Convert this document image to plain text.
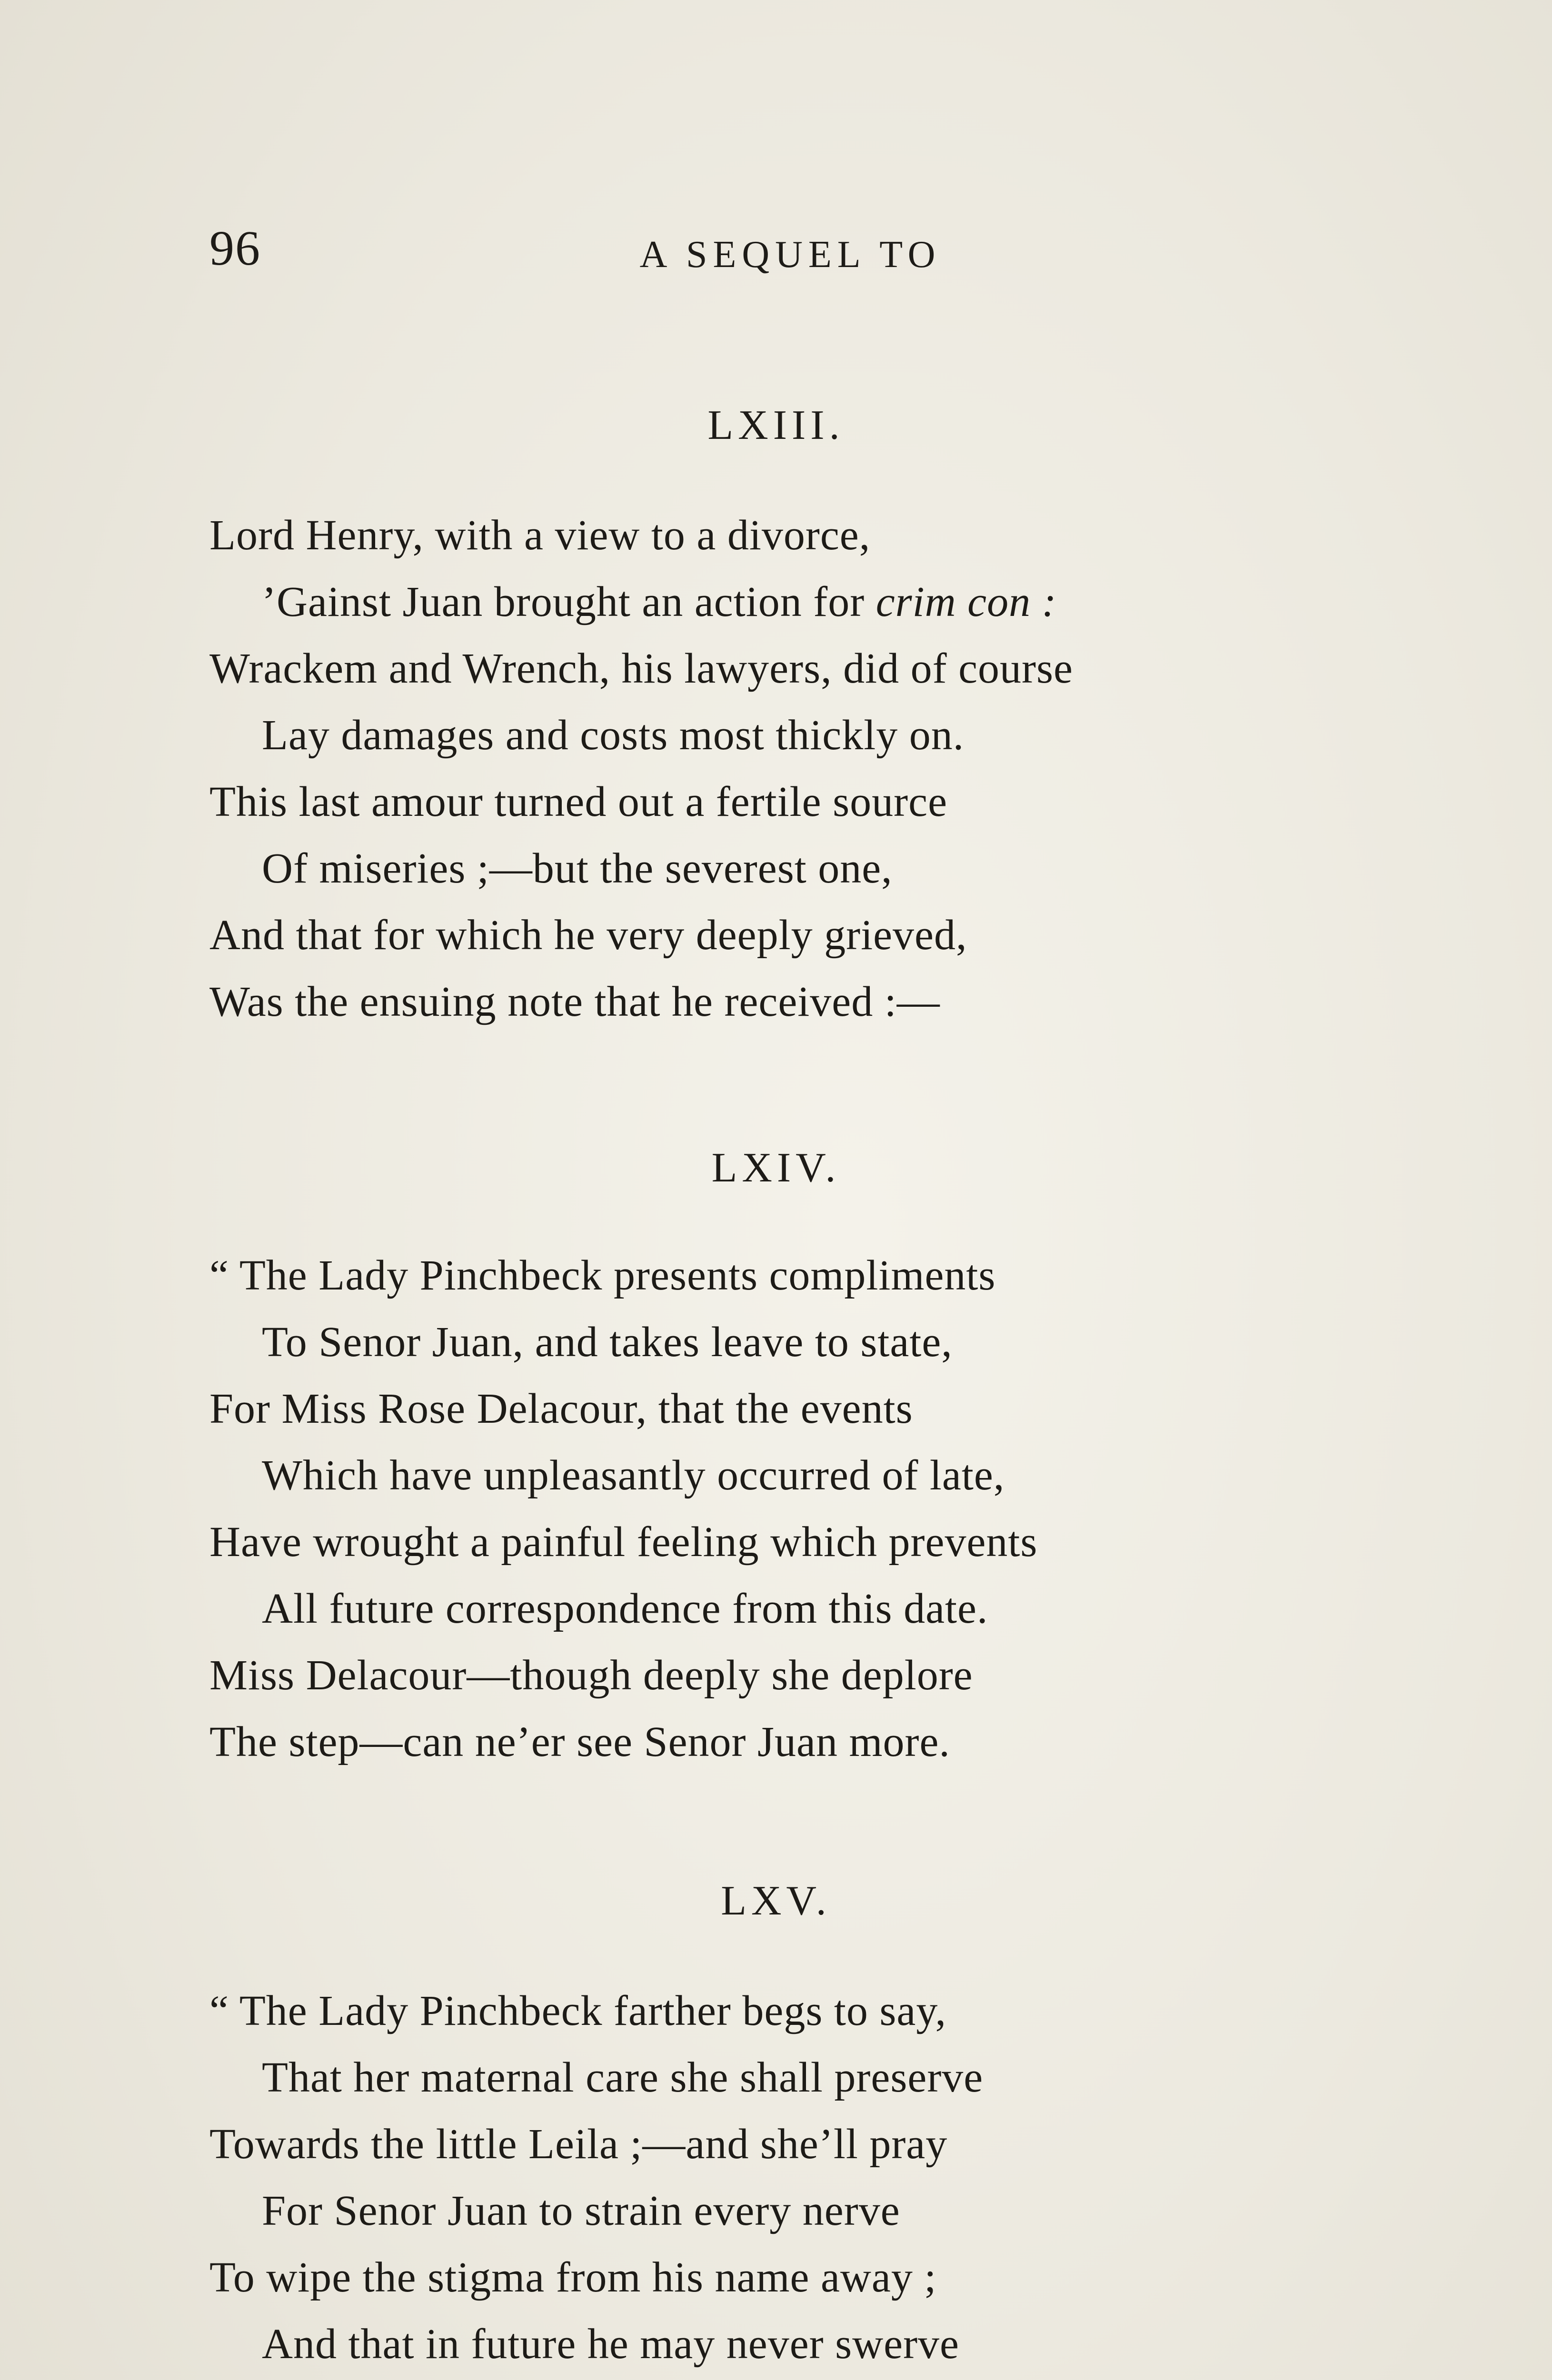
96	A SEQUEL TO
LXIII.
Lord Henry, with a view to a divorce,
’Gainst Juan brought an action for crim con :
Wrackem and Wrench, his lawyers, did of course
Lay damages and costs most thickly on.
This last amour turned out a fertile source
Of miseries ;—but the severest one,
And that for which he very deeply grieved,
Was the ensuing note that he received :—
LXIV.
“ The Lady Pinchbeck presents compliments
To Senor Juan, and takes leave to state,
For Miss Rose Delacour, that the events
Which have unpleasantly occurred of late,
Have wrought a painful feeling which prevents
All future correspondence from this date.
Miss Delacour—though deeply she deplore
The step—can ne’er see Senor Juan more.
LXV.
“ The Lady Pinchbeck farther begs to say,
That her maternal care she shall preserve
Towards the little Leila ;—and she’ll pray
For Senor Juan to strain every nerve
To wipe the stigma from his name away ;
And that in future he may never swerve
